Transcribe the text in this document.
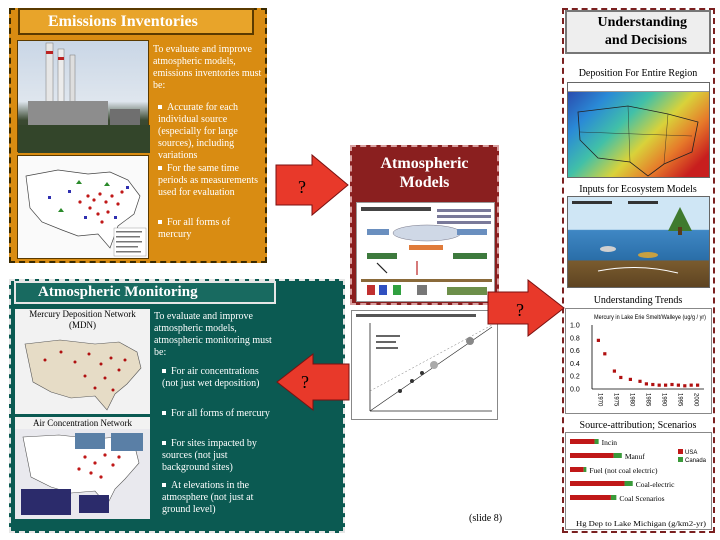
Emissions Inventories
To evaluate and improve atmospheric models, emissions inventories must be:
Accurate for each individual source (especially for large sources), including variations
For the same time periods as measurements used for evaluation
For all forms of mercury
Atmospheric Monitoring
Mercury Deposition Network (MDN)
Air Concentration Network
To evaluate and improve atmospheric models, atmospheric monitoring must be:
For air concentrations (not just wet deposition)
For all forms of mercury
For sites impacted by sources (not just background sites)
At elevations in the atmosphere (not just at ground level)
Atmospheric
Models
Understanding
and Decisions
Deposition For Entire Region
Inputs for Ecosystem Models
Understanding Trends
Mercury in Lake Erie Smelt/Walleye (ug/g / yr)
1.0
0.8
0.6
0.4
0.2
0.0
1970 1975 1980 1985 1990 1995 2000
Source-attribution; Scenarios
Incin
Manuf
Fuel (not coal electric)
Coal-electric
Coal Scenarios
USA
Canada
Hg Dep to Lake Michigan (g/km2-yr)
?
?
?
(slide 8)
